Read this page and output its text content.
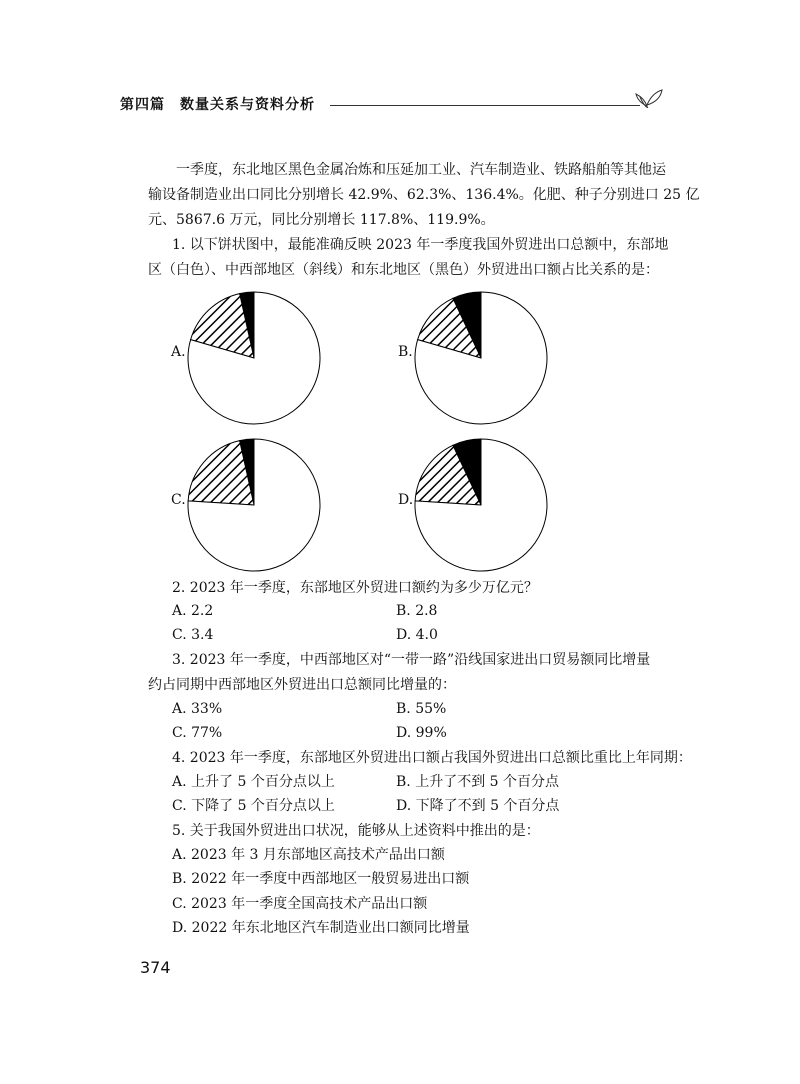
第四篇　数量关系与资料分析
一季度，东北地区黑色金属冶炼和压延加工业、汽车制造业、铁路船舶等其他运
输设备制造业出口同比分别增长 42.9%、62.3%、136.4%。化肥、种子分别进口 25 亿
元、5867.6 万元，同比分别增长 117.8%、119.9%。
1. 以下饼状图中，最能准确反映 2023 年一季度我国外贸进出口总额中，东部地
区（白色）、中西部地区（斜线）和东北地区（黑色）外贸进出口额占比关系的是：
A.	B.
C.	D.
2. 2023 年一季度，东部地区外贸进口额约为多少万亿元？
A. 2.2	B. 2.8
C. 3.4	D. 4.0
3. 2023 年一季度，中西部地区对“一带一路”沿线国家进出口贸易额同比增量
约占同期中西部地区外贸进出口总额同比增量的：
A. 33%	B. 55%
C. 77%	D. 99%
4. 2023 年一季度，东部地区外贸进出口额占我国外贸进出口总额比重比上年同期：
A. 上升了 5 个百分点以上	B. 上升了不到 5 个百分点
C. 下降了 5 个百分点以上	D. 下降了不到 5 个百分点
5. 关于我国外贸进出口状况，能够从上述资料中推出的是：
A. 2023 年 3 月东部地区高技术产品出口额
B. 2022 年一季度中西部地区一般贸易进出口额
C. 2023 年一季度全国高技术产品出口额
D. 2022 年东北地区汽车制造业出口额同比增量
374
